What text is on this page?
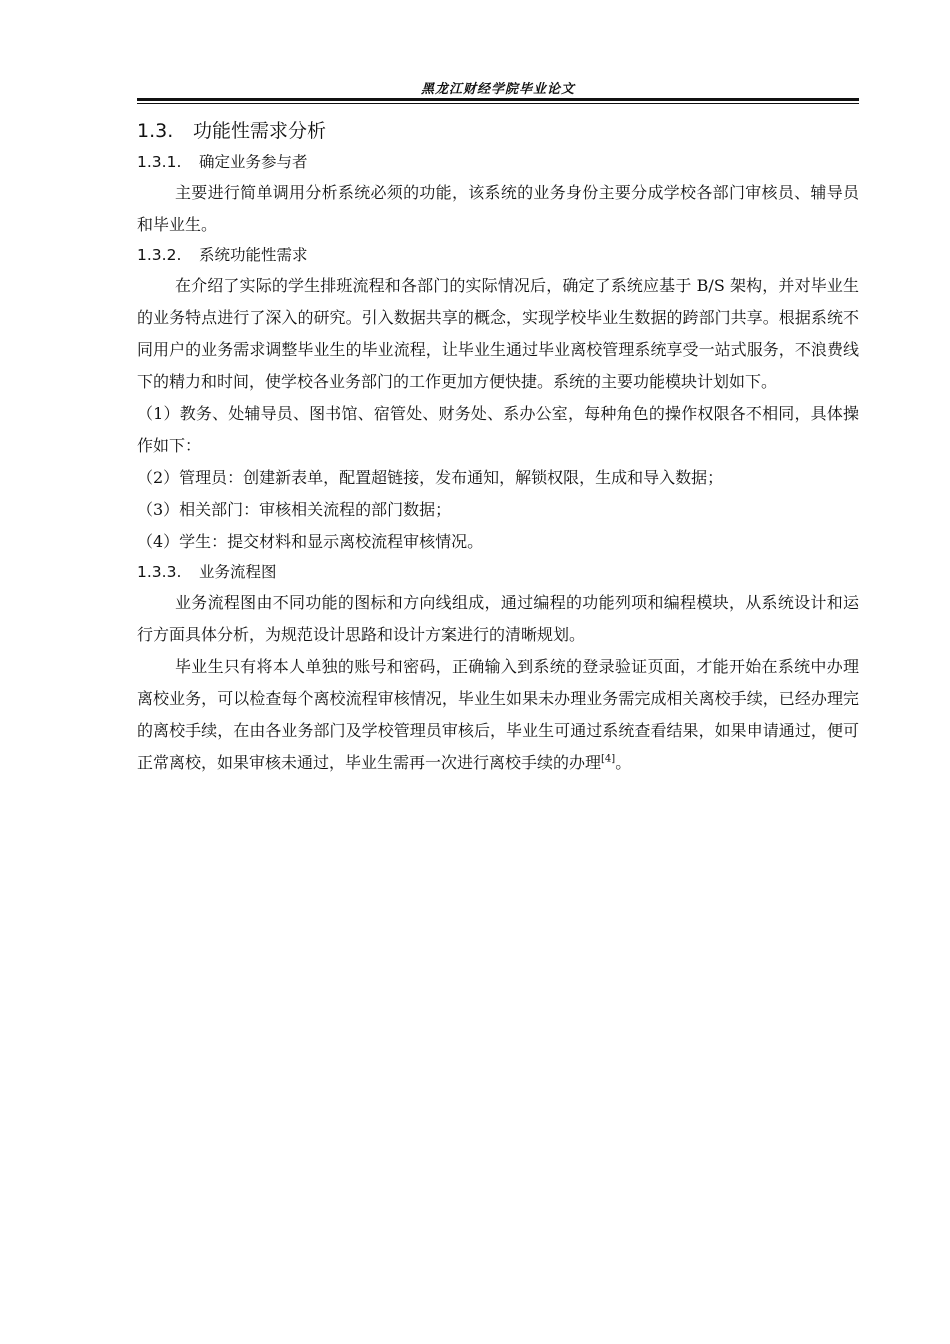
黑龙江财经学院毕业论文
1.3. 功能性需求分析
1.3.1. 确定业务参与者

主要进行简单调用分析系统必须的功能，该系统的业务身份主要分成学校各部门审核员、辅导员和毕业生。

1.3.2. 系统功能性需求

在介绍了实际的学生排班流程和各部门的实际情况后，确定了系统应基于 B/S 架构，并对毕业生的业务特点进行了深入的研究。引入数据共享的概念，实现学校毕业生数据的跨部门共享。根据系统不同用户的业务需求调整毕业生的毕业流程，让毕业生通过毕业离校管理系统享受一站式服务，不浪费线下的精力和时间，使学校各业务部门的工作更加方便快捷。系统的主要功能模块计划如下。

（1）教务、处辅导员、图书馆、宿管处、财务处、系办公室，每种角色的操作权限各不相同，具体操作如下：

（2）管理员：创建新表单，配置超链接，发布通知，解锁权限，生成和导入数据；

（3）相关部门：审核相关流程的部门数据；

（4）学生：提交材料和显示离校流程审核情况。

1.3.3. 业务流程图

业务流程图由不同功能的图标和方向线组成，通过编程的功能列项和编程模块，从系统设计和运行方面具体分析，为规范设计思路和设计方案进行的清晰规划。

毕业生只有将本人单独的账号和密码，正确输入到系统的登录验证页面，才能开始在系统中办理离校业务，可以检查每个离校流程审核情况，毕业生如果未办理业务需完成相关离校手续，已经办理完的离校手续，在由各业务部门及学校管理员审核后，毕业生可通过系统查看结果，如果申请通过，便可正常离校，如果审核未通过，毕业生需再一次进行离校手续的办理[4]。
